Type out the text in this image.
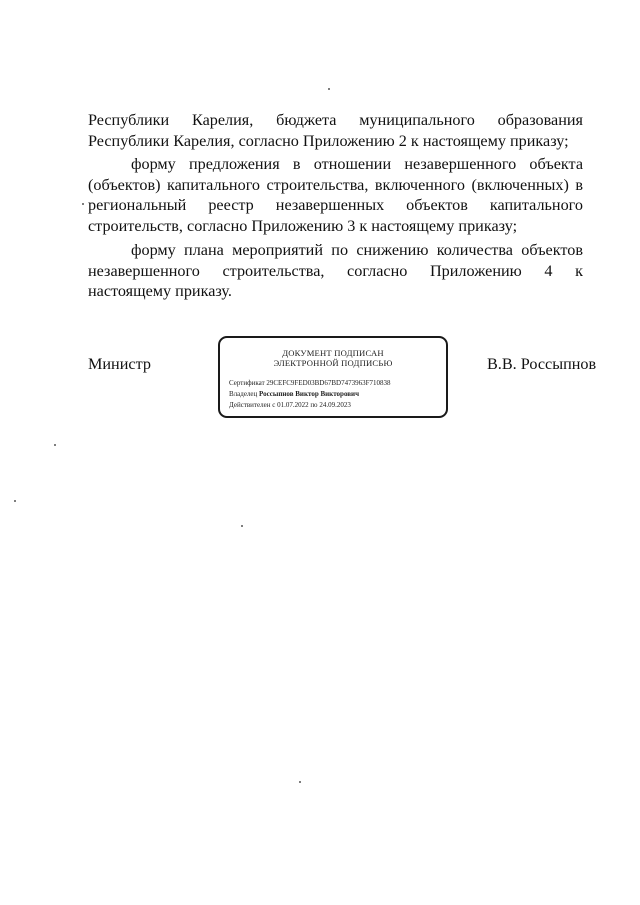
Республики Карелия, бюджета муниципального образования
Республики Карелия, согласно Приложению 2 к настоящему приказу;
форму предложения в отношении незавершенного объекта
(объектов) капитального строительства, включенного (включенных) в
региональный реестр незавершенных объектов капитального
строительств, согласно Приложению 3 к настоящему приказу;
форму плана мероприятий по снижению количества объектов
незавершенного строительства, согласно Приложению 4 к
настоящему приказу.
Министр
ДОКУМЕНТ ПОДПИСАН
ЭЛЕКТРОННОЙ ПОДПИСЬЮ
Сертификат 29CEFC9FED03BD67BD7473963F710838
Владелец Россыпнов Виктор Викторович
Действителен с 01.07.2022 по 24.09.2023
В.В. Россыпнов
